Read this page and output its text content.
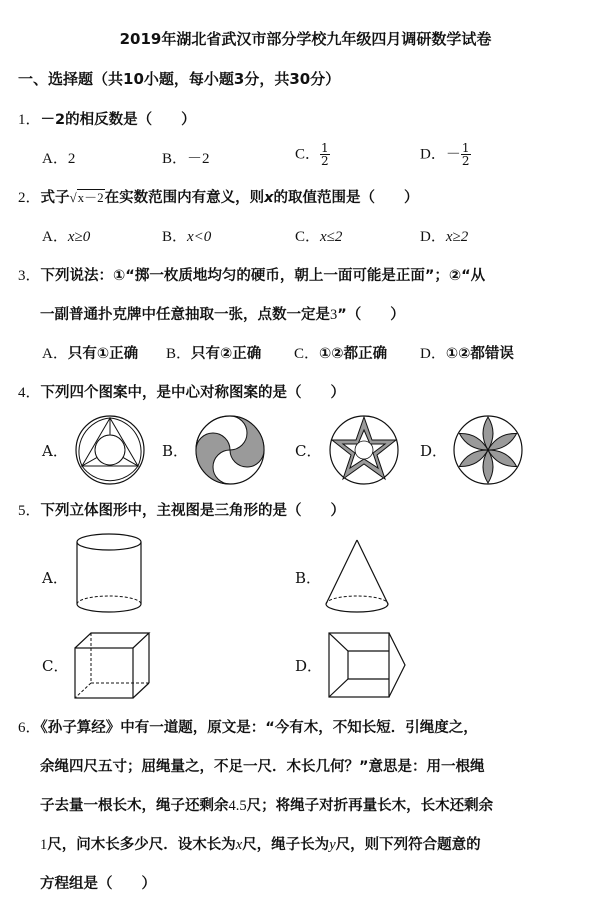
2019年湖北省武汉市部分学校九年级四月调研数学试卷
一、选择题（共10小题，每小题3分，共30分）
1．－2的相反数是（　　）
A．2	B．－2	C． $\frac{1}{2}$	D．－ $\frac{1}{2}$
2．式子√x－2在实数范围内有意义，则x的取值范围是（　　）
A．x≥0	B．x<0	C．x≤2	D．x≥2
3．下列说法：①“掷一枚质地均匀的硬币，朝上一面可能是正面”；②“从
一副普通扑克牌中任意抽取一张，点数一定是3”（　　）
A．只有①正确 B．只有②正确 C．①②都正确 D．①②都错误
4．下列四个图案中，是中心对称图案的是（　　）
A．	B．	C．	D．
5．下列立体图形中，主视图是三角形的是（　　）
A．	B．
C．	D．
6．《孙子算经》中有一道题，原文是：“今有木，不知长短．引绳度之，
余绳四尺五寸；屈绳量之，不足一尺．木长几何？”意思是：用一根绳
子去量一根长木，绳子还剩余4.5尺；将绳子对折再量长木，长木还剩余
1尺，问木长多少尺．设木长为x尺，绳子长为y尺，则下列符合题意的
方程组是（　　）
